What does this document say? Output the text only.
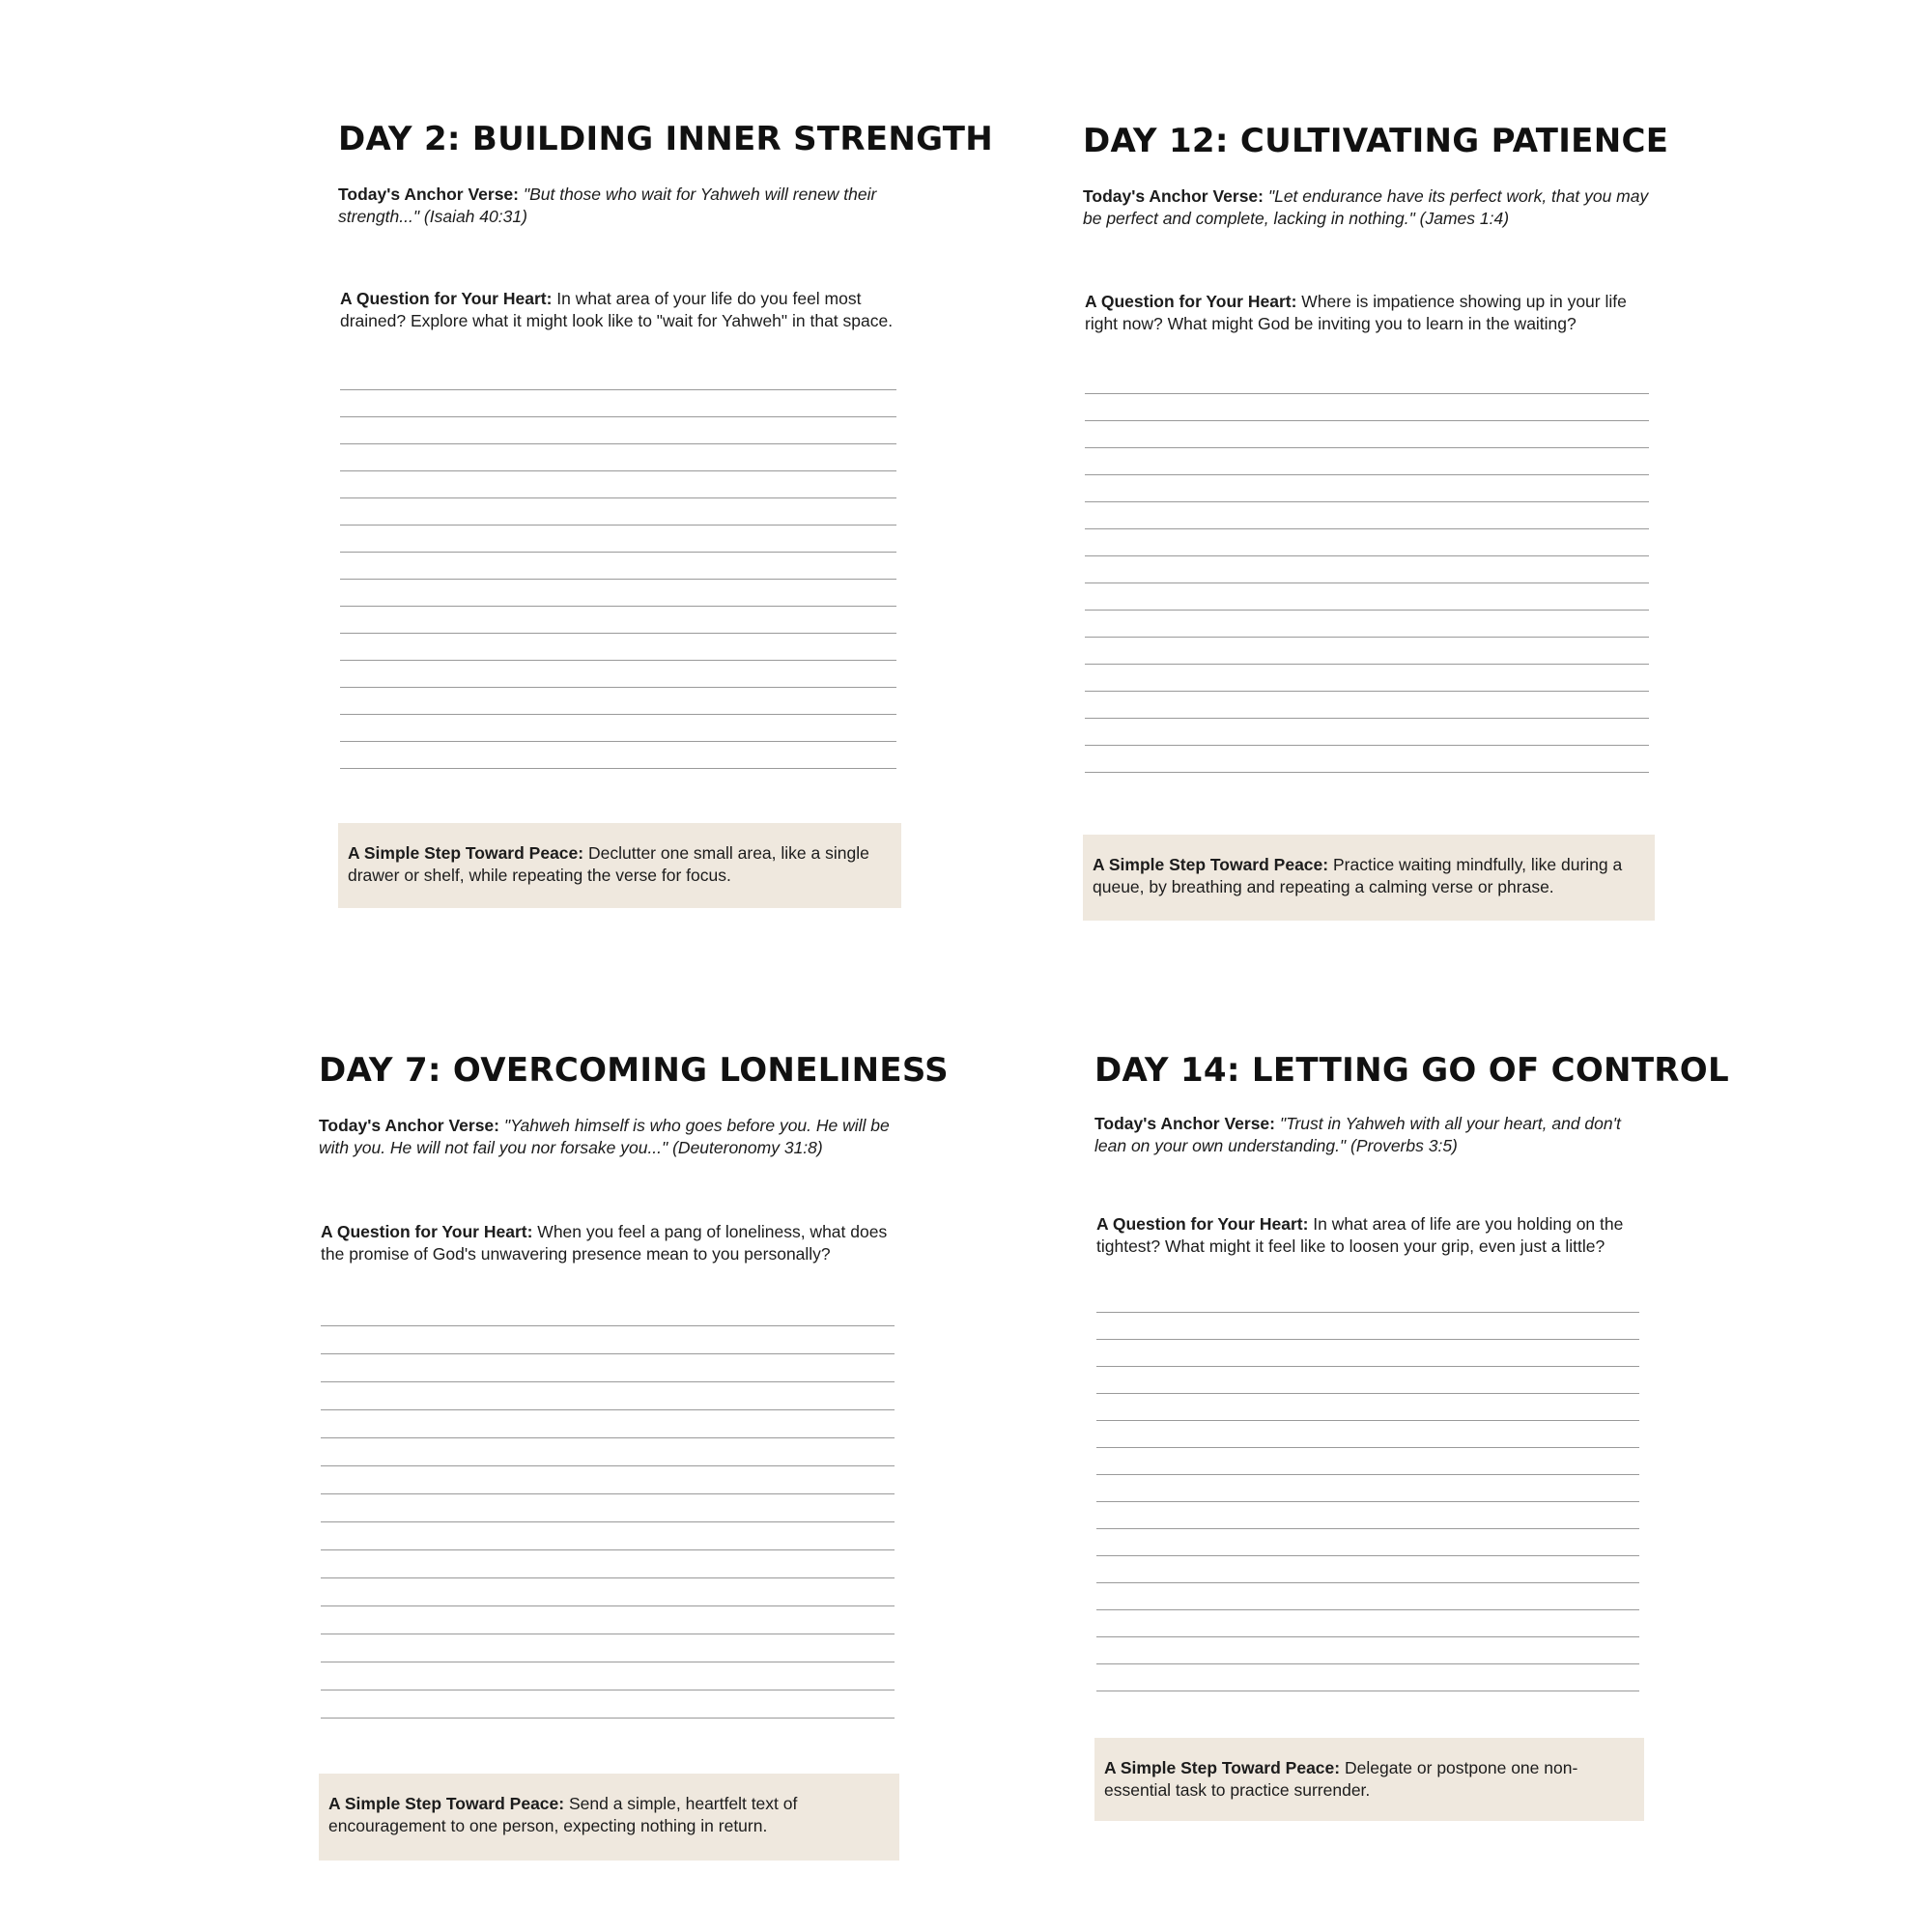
DAY 2: BUILDING INNER STRENGTH
Today's Anchor Verse: "But those who wait for Yahweh will renew their strength..." (Isaiah 40:31)
A Question for Your Heart: In what area of your life do you feel most drained? Explore what it might look like to "wait for Yahweh" in that space.
A Simple Step Toward Peace: Declutter one small area, like a single drawer or shelf, while repeating the verse for focus.
DAY 12: CULTIVATING PATIENCE
Today's Anchor Verse: "Let endurance have its perfect work, that you may be perfect and complete, lacking in nothing." (James 1:4)
A Question for Your Heart: Where is impatience showing up in your life right now? What might God be inviting you to learn in the waiting?
A Simple Step Toward Peace: Practice waiting mindfully, like during a queue, by breathing and repeating a calming verse or phrase.
DAY 7: OVERCOMING LONELINESS
Today's Anchor Verse: "Yahweh himself is who goes before you. He will be with you. He will not fail you nor forsake you..." (Deuteronomy 31:8)
A Question for Your Heart: When you feel a pang of loneliness, what does the promise of God's unwavering presence mean to you personally?
A Simple Step Toward Peace: Send a simple, heartfelt text of encouragement to one person, expecting nothing in return.
DAY 14: LETTING GO OF CONTROL
Today's Anchor Verse: "Trust in Yahweh with all your heart, and don't lean on your own understanding." (Proverbs 3:5)
A Question for Your Heart: In what area of life are you holding on the tightest? What might it feel like to loosen your grip, even just a little?
A Simple Step Toward Peace: Delegate or postpone one non-essential task to practice surrender.
